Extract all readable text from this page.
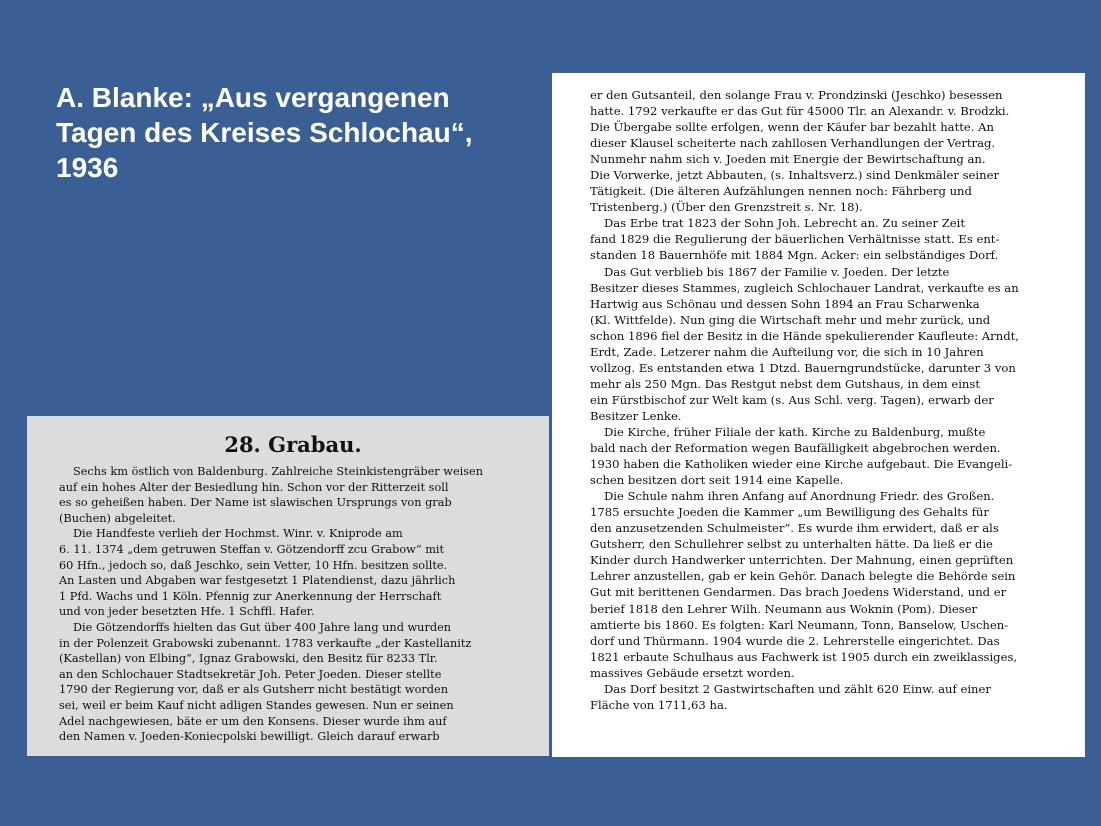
A. Blanke: „Aus vergangenen
Tagen des Kreises Schlochau“,
1936
28. Grabau.
Sechs km östlich von Baldenburg. Zahlreiche Steinkistengräber weisen
auf ein hohes Alter der Besiedlung hin. Schon vor der Ritterzeit soll
es so geheißen haben. Der Name ist slawischen Ursprungs von grab
(Buchen) abgeleitet.
Die Handfeste verlieh der Hochmst. Winr. v. Kniprode am
6. 11. 1374 „dem getruwen Steffan v. Götzendorff zcu Grabow“ mit
60 Hfn., jedoch so, daß Jeschko, sein Vetter, 10 Hfn. besitzen sollte.
An Lasten und Abgaben war festgesetzt 1 Platendienst, dazu jährlich
1 Pfd. Wachs und 1 Köln. Pfennig zur Anerkennung der Herrschaft
und von jeder besetzten Hfe. 1 Schffl. Hafer.
Die Götzendorffs hielten das Gut über 400 Jahre lang und wurden
in der Polenzeit Grabowski zubenannt. 1783 verkaufte „der Kastellanitz
(Kastellan) von Elbing“, Ignaz Grabowski, den Besitz für 8233 Tlr.
an den Schlochauer Stadtsekretär Joh. Peter Joeden. Dieser stellte
1790 der Regierung vor, daß er als Gutsherr nicht bestätigt worden
sei, weil er beim Kauf nicht adligen Standes gewesen. Nun er seinen
Adel nachgewiesen, bäte er um den Konsens. Dieser wurde ihm auf
den Namen v. Joeden-Koniecpolski bewilligt. Gleich darauf erwarb
er den Gutsanteil, den solange Frau v. Prondzinski (Jeschko) besessen
hatte. 1792 verkaufte er das Gut für 45000 Tlr. an Alexandr. v. Brodzki.
Die Übergabe sollte erfolgen, wenn der Käufer bar bezahlt hatte. An
dieser Klausel scheiterte nach zahllosen Verhandlungen der Vertrag.
Nunmehr nahm sich v. Joeden mit Energie der Bewirtschaftung an.
Die Vorwerke, jetzt Abbauten, (s. Inhaltsverz.) sind Denkmäler seiner
Tätigkeit. (Die älteren Aufzählungen nennen noch: Fährberg und
Tristenberg.) (Über den Grenzstreit s. Nr. 18).
Das Erbe trat 1823 der Sohn Joh. Lebrecht an. Zu seiner Zeit
fand 1829 die Regulierung der bäuerlichen Verhältnisse statt. Es ent-
standen 18 Bauernhöfe mit 1884 Mgn. Acker: ein selbständiges Dorf.
Das Gut verblieb bis 1867 der Familie v. Joeden. Der letzte
Besitzer dieses Stammes, zugleich Schlochauer Landrat, verkaufte es an
Hartwig aus Schönau und dessen Sohn 1894 an Frau Scharwenka
(Kl. Wittfelde). Nun ging die Wirtschaft mehr und mehr zurück, und
schon 1896 fiel der Besitz in die Hände spekulierender Kaufleute: Arndt,
Erdt, Zade. Letzerer nahm die Aufteilung vor, die sich in 10 Jahren
vollzog. Es entstanden etwa 1 Dtzd. Bauerngrundstücke, darunter 3 von
mehr als 250 Mgn. Das Restgut nebst dem Gutshaus, in dem einst
ein Fürstbischof zur Welt kam (s. Aus Schl. verg. Tagen), erwarb der
Besitzer Lenke.
Die Kirche, früher Filiale der kath. Kirche zu Baldenburg, mußte
bald nach der Reformation wegen Baufälligkeit abgebrochen werden.
1930 haben die Katholiken wieder eine Kirche aufgebaut. Die Evangeli-
schen besitzen dort seit 1914 eine Kapelle.
Die Schule nahm ihren Anfang auf Anordnung Friedr. des Großen.
1785 ersuchte Joeden die Kammer „um Bewilligung des Gehalts für
den anzusetzenden Schulmeister“. Es wurde ihm erwidert, daß er als
Gutsherr, den Schullehrer selbst zu unterhalten hätte. Da ließ er die
Kinder durch Handwerker unterrichten. Der Mahnung, einen geprüften
Lehrer anzustellen, gab er kein Gehör. Danach belegte die Behörde sein
Gut mit berittenen Gendarmen. Das brach Joedens Widerstand, und er
berief 1818 den Lehrer Wilh. Neumann aus Woknin (Pom). Dieser
amtierte bis 1860. Es folgten: Karl Neumann, Tonn, Banselow, Uschen-
dorf und Thürmann. 1904 wurde die 2. Lehrerstelle eingerichtet. Das
1821 erbaute Schulhaus aus Fachwerk ist 1905 durch ein zweiklassiges,
massives Gebäude ersetzt worden.
Das Dorf besitzt 2 Gastwirtschaften und zählt 620 Einw. auf einer
Fläche von 1711,63 ha.
